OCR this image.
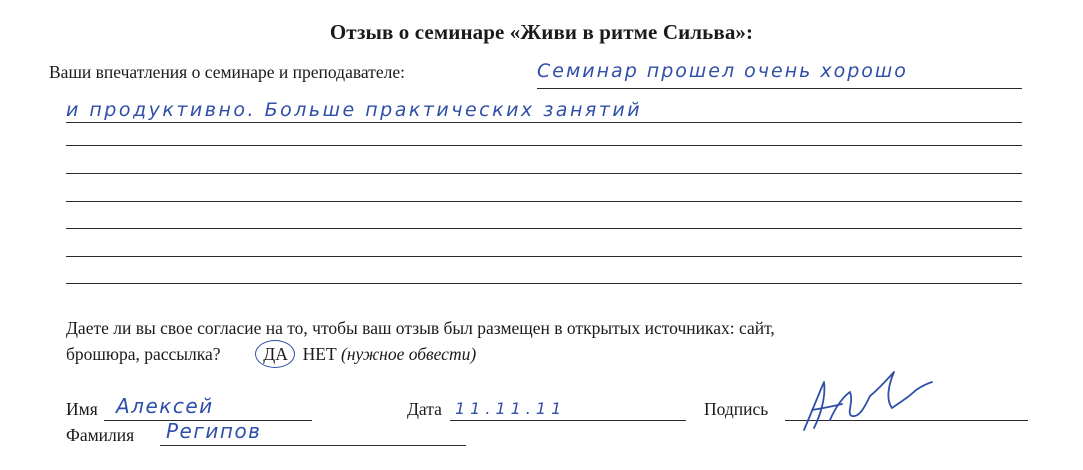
Отзыв о семинаре «Живи в ритме Сильва»:
Ваши впечатления о семинаре и преподавателе:	Семинар прошел очень хорошо
и продуктивно. Больше практических занятий
Даете ли вы свое согласие на то, чтобы ваш отзыв был размещен в открытых источниках: сайт,
брошюра, рассылка? ДА НЕТ (нужное обвести)
Имя Алексей	Дата 11.11.11	Подпись
Фамилия Регипов
